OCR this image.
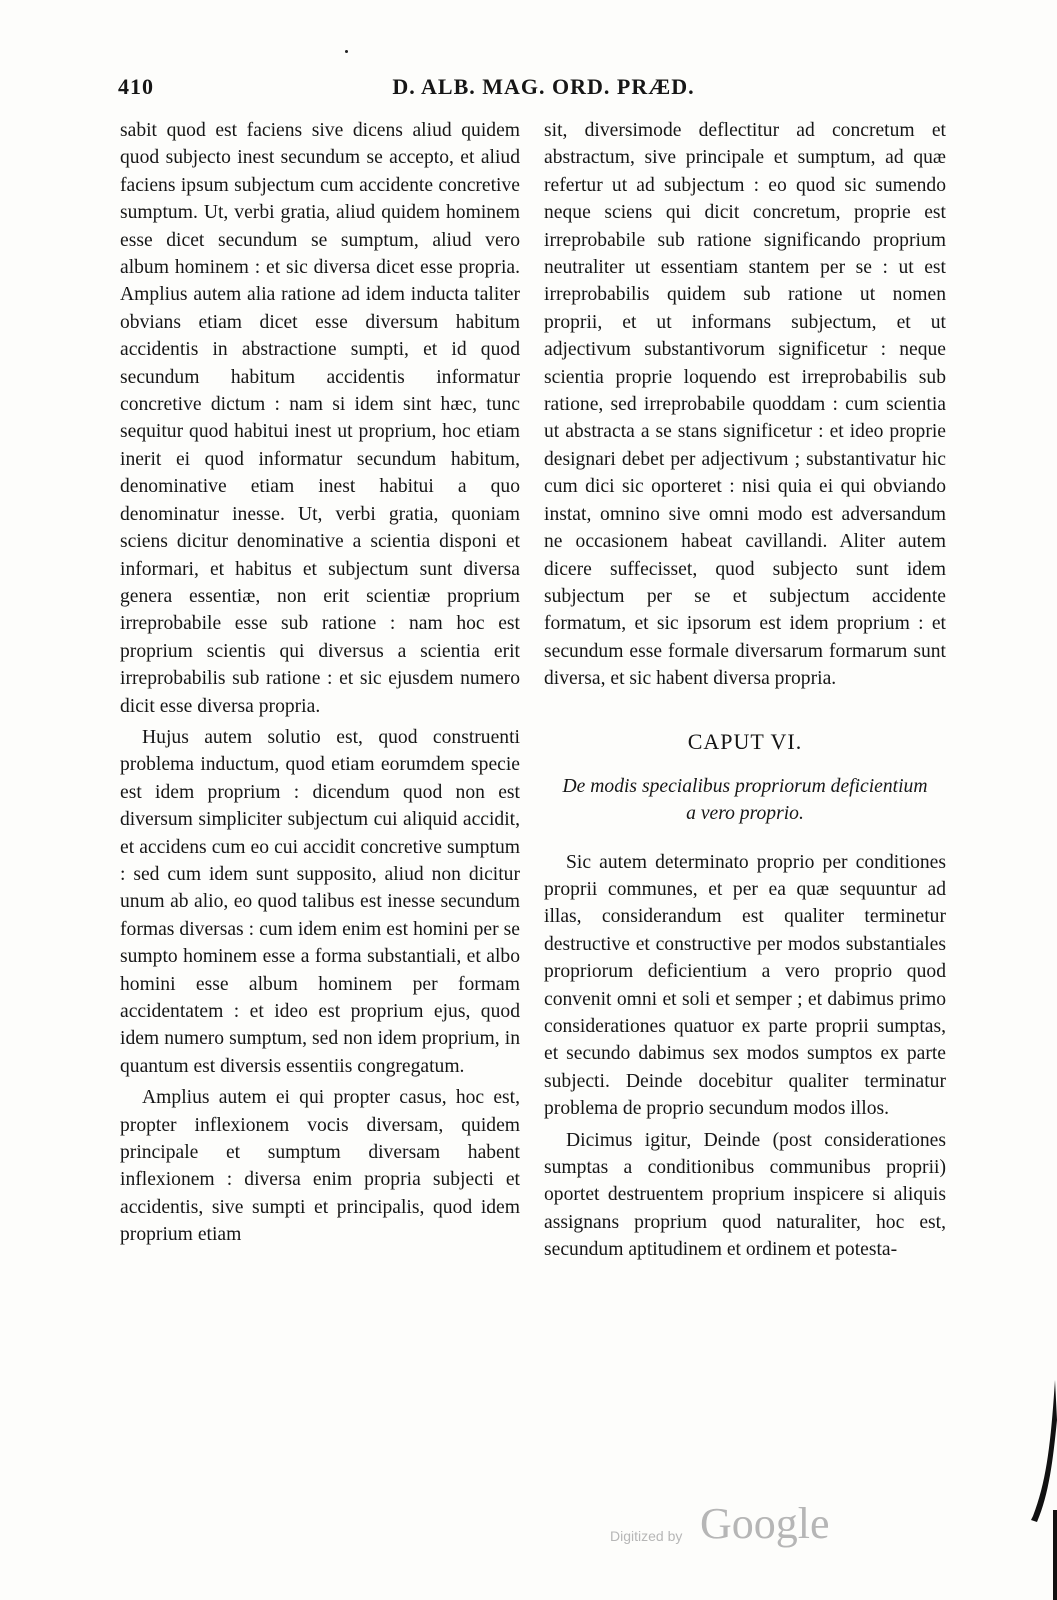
410	D. ALB. MAG. ORD. PRÆD.

sabit quod est faciens sive dicens aliud quidem quod subjecto inest secundum se accepto, et aliud faciens ipsum subjectum cum accidente concretive sumptum. Ut, verbi gratia, aliud quidem hominem esse dicet secundum se sumptum, aliud vero album hominem : et sic diversa dicet esse propria. Amplius autem alia ratione ad idem inducta taliter obvians etiam dicet esse diversum habitum accidentis in abstractione sumpti, et id quod secundum habitum accidentis informatur concretive dictum : nam si idem sint hæc, tunc sequitur quod habitui inest ut proprium, hoc etiam inerit ei quod informatur secundum habitum, denominative etiam inest habitui a quo denominatur inesse. Ut, verbi gratia, quoniam sciens dicitur denominative a scientia disponi et informari, et habitus et subjectum sunt diversa genera essentiæ, non erit scientiæ proprium irreprobabile esse sub ratione : nam hoc est proprium scientis qui diversus a scientia erit irreprobabilis sub ratione : et sic ejusdem numero dicit esse diversa propria.

Hujus autem solutio est, quod construenti problema inductum, quod etiam eorumdem specie est idem proprium : dicendum quod non est diversum simpliciter subjectum cui aliquid accidit, et accidens cum eo cui accidit concretive sumptum : sed cum idem sunt supposito, aliud non dicitur unum ab alio, eo quod talibus est inesse secundum formas diversas : cum idem enim est homini per se sumpto hominem esse a forma substantiali, et albo homini esse album hominem per formam accidentatem : et ideo est proprium ejus, quod idem numero sumptum, sed non idem proprium, in quantum est diversis essentiis congregatum.

Amplius autem ei qui propter casus, hoc est, propter inflexionem vocis diversam, quidem principale et sumptum diversam habent inflexionem : diversa enim propria subjecti et accidentis, sive sumpti et principalis, quod idem proprium etiam

sit, diversimode deflectitur ad concretum et abstractum, sive principale et sumptum, ad quæ refertur ut ad subjectum : eo quod sic sumendo neque sciens qui dicit concretum, proprie est irreprobabile sub ratione significando proprium neutraliter ut essentiam stantem per se : ut est irreprobabilis quidem sub ratione ut nomen proprii, et ut informans subjectum, et ut adjectivum substantivorum significetur : neque scientia proprie loquendo est irreprobabilis sub ratione, sed irreprobabile quoddam : cum scientia ut abstracta a se stans significetur : et ideo proprie designari debet per adjectivum ; substantivatur hic cum dici sic oporteret : nisi quia ei qui obviando instat, omnino sive omni modo est adversandum ne occasionem habeat cavillandi. Aliter autem dicere suffecisset, quod subjecto sunt idem subjectum per se et subjectum accidente formatum, et sic ipsorum est idem proprium : et secundum esse formale diversarum formarum sunt diversa, et sic habent diversa propria.

CAPUT VI.

De modis specialibus propriorum deficientium a vero proprio.

Sic autem determinato proprio per conditiones proprii communes, et per ea quæ sequuntur ad illas, considerandum est qualiter terminetur destructive et constructive per modos substantiales propriorum deficientium a vero proprio quod convenit omni et soli et semper ; et dabimus primo considerationes quatuor ex parte proprii sumptas, et secundo dabimus sex modos sumptos ex parte subjecti. Deinde docebitur qualiter terminatur problema de proprio secundum modos illos.

Dicimus igitur, Deinde (post considerationes sumptas a conditionibus communibus proprii) oportet destruentem proprium inspicere si aliquis assignans proprium quod naturaliter, hoc est, secundum aptitudinem et ordinem et potesta-

Digitized by Google
